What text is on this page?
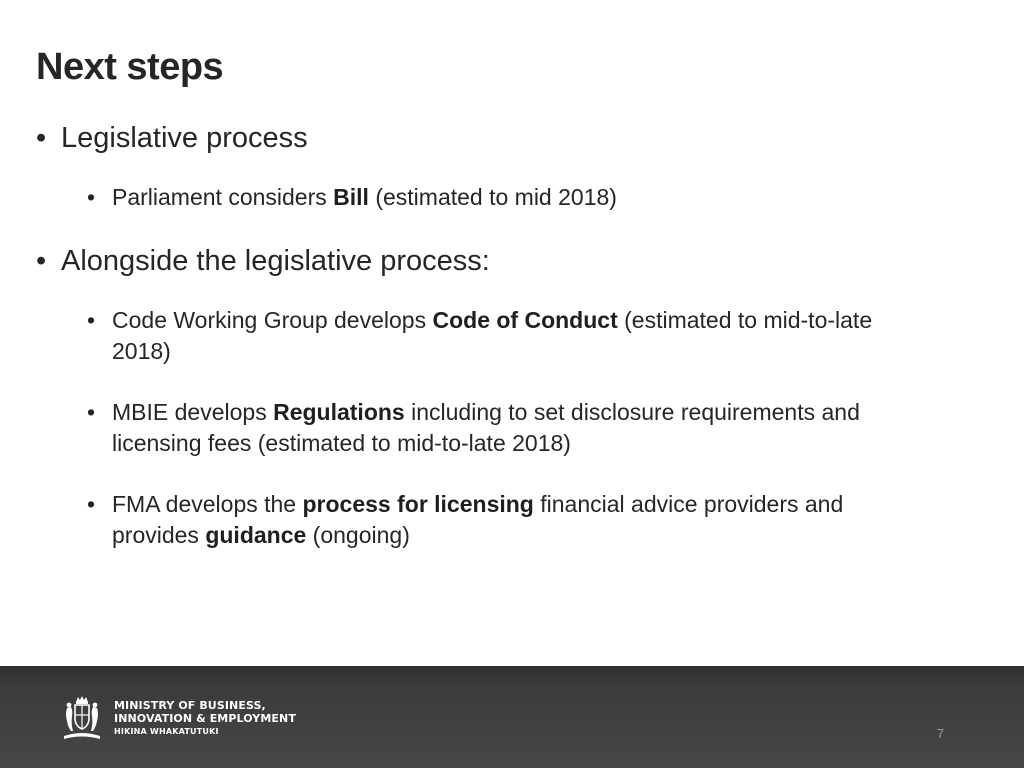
Next steps
• Legislative process
• Parliament considers Bill (estimated to mid 2018)
• Alongside the legislative process:
• Code Working Group develops Code of Conduct (estimated to mid-to-late 2018)
• MBIE develops Regulations including to set disclosure requirements and licensing fees (estimated to mid-to-late 2018)
• FMA develops the process for licensing financial advice providers and provides guidance (ongoing)
MINISTRY OF BUSINESS,
INNOVATION & EMPLOYMENT
HIKINA WHAKATUTUKI	7
